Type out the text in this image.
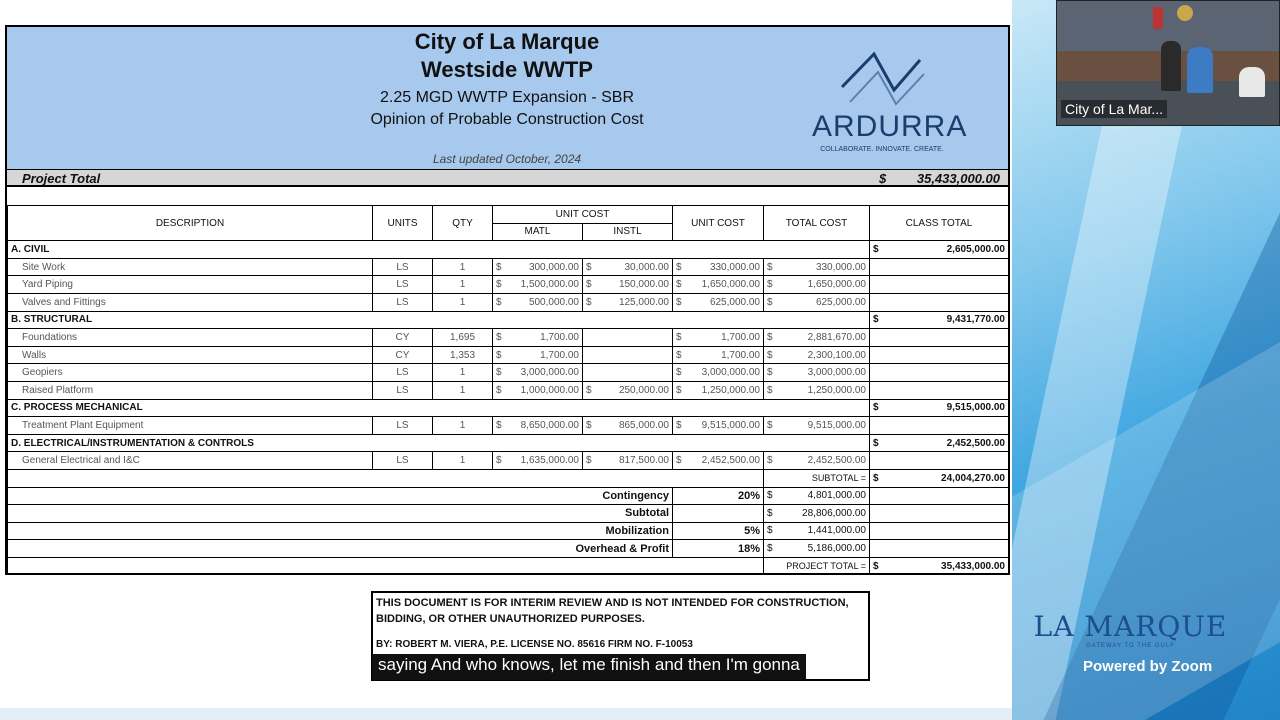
City of La Marque
Westside WWTP
2.25 MGD WWTP Expansion - SBR
Opinion of Probable Construction Cost
Last updated October, 2024
ARDURRA
COLLABORATE. INNOVATE. CREATE.
Project Total	$ 35,433,000.00
DESCRIPTION	UNITS	QTY	UNIT COST		UNIT COST	TOTAL COST	CLASS TOTAL
			MATL	INSTL			
A. CIVIL							$ 2,605,000.00

Site Work	LS	1	$ 300,000.00	$ 30,000.00	$ 330,000.00	$ 330,000.00	

Yard Piping	LS	1	$ 1,500,000.00	$ 150,000.00	$ 1,650,000.00	$ 1,650,000.00	

Valves and Fittings	LS	1	$ 500,000.00	$ 125,000.00	$ 625,000.00	$ 625,000.00	

B. STRUCTURAL							$ 9,431,770.00

Foundations	CY	1,695	$ 1,700.00		$ 1,700.00	$ 2,881,670.00	

Walls	CY	1,353	$ 1,700.00		$ 1,700.00	$ 2,300,100.00	

Geopiers	LS	1	$ 3,000,000.00		$ 3,000,000.00	$ 3,000,000.00	

Raised Platform	LS	1	$ 1,000,000.00	$ 250,000.00	$ 1,250,000.00	$ 1,250,000.00	

C. PROCESS MECHANICAL							$ 9,515,000.00

Treatment Plant Equipment	LS	1	$ 8,650,000.00	$ 865,000.00	$ 9,515,000.00	$ 9,515,000.00	

D. ELECTRICAL/INSTRUMENTATION & CONTROLS							$ 2,452,500.00

General Electrical and I&C	LS	1	$ 1,635,000.00	$ 817,500.00	$ 2,452,500.00	$ 2,452,500.00	

						SUBTOTAL =	$ 24,004,270.00

Contingency					20%	$ 4,801,000.00	

Subtotal						$ 28,806,000.00	

Mobilization					5%	$ 1,441,000.00	

Overhead & Profit					18%	$ 5,186,000.00	

						PROJECT TOTAL =	$ 35,433,000.00
THIS DOCUMENT IS FOR INTERIM REVIEW AND IS NOT INTENDED FOR CONSTRUCTION, BIDDING, OR OTHER UNAUTHORIZED PURPOSES.
BY: ROBERT M. VIERA, P.E. LICENSE NO. 85616 FIRM NO. F-10053
saying And who knows, let me finish and then I'm gonna
City of La Mar...
LA MARQUE
GATEWAY TO THE GULF
Powered by Zoom
